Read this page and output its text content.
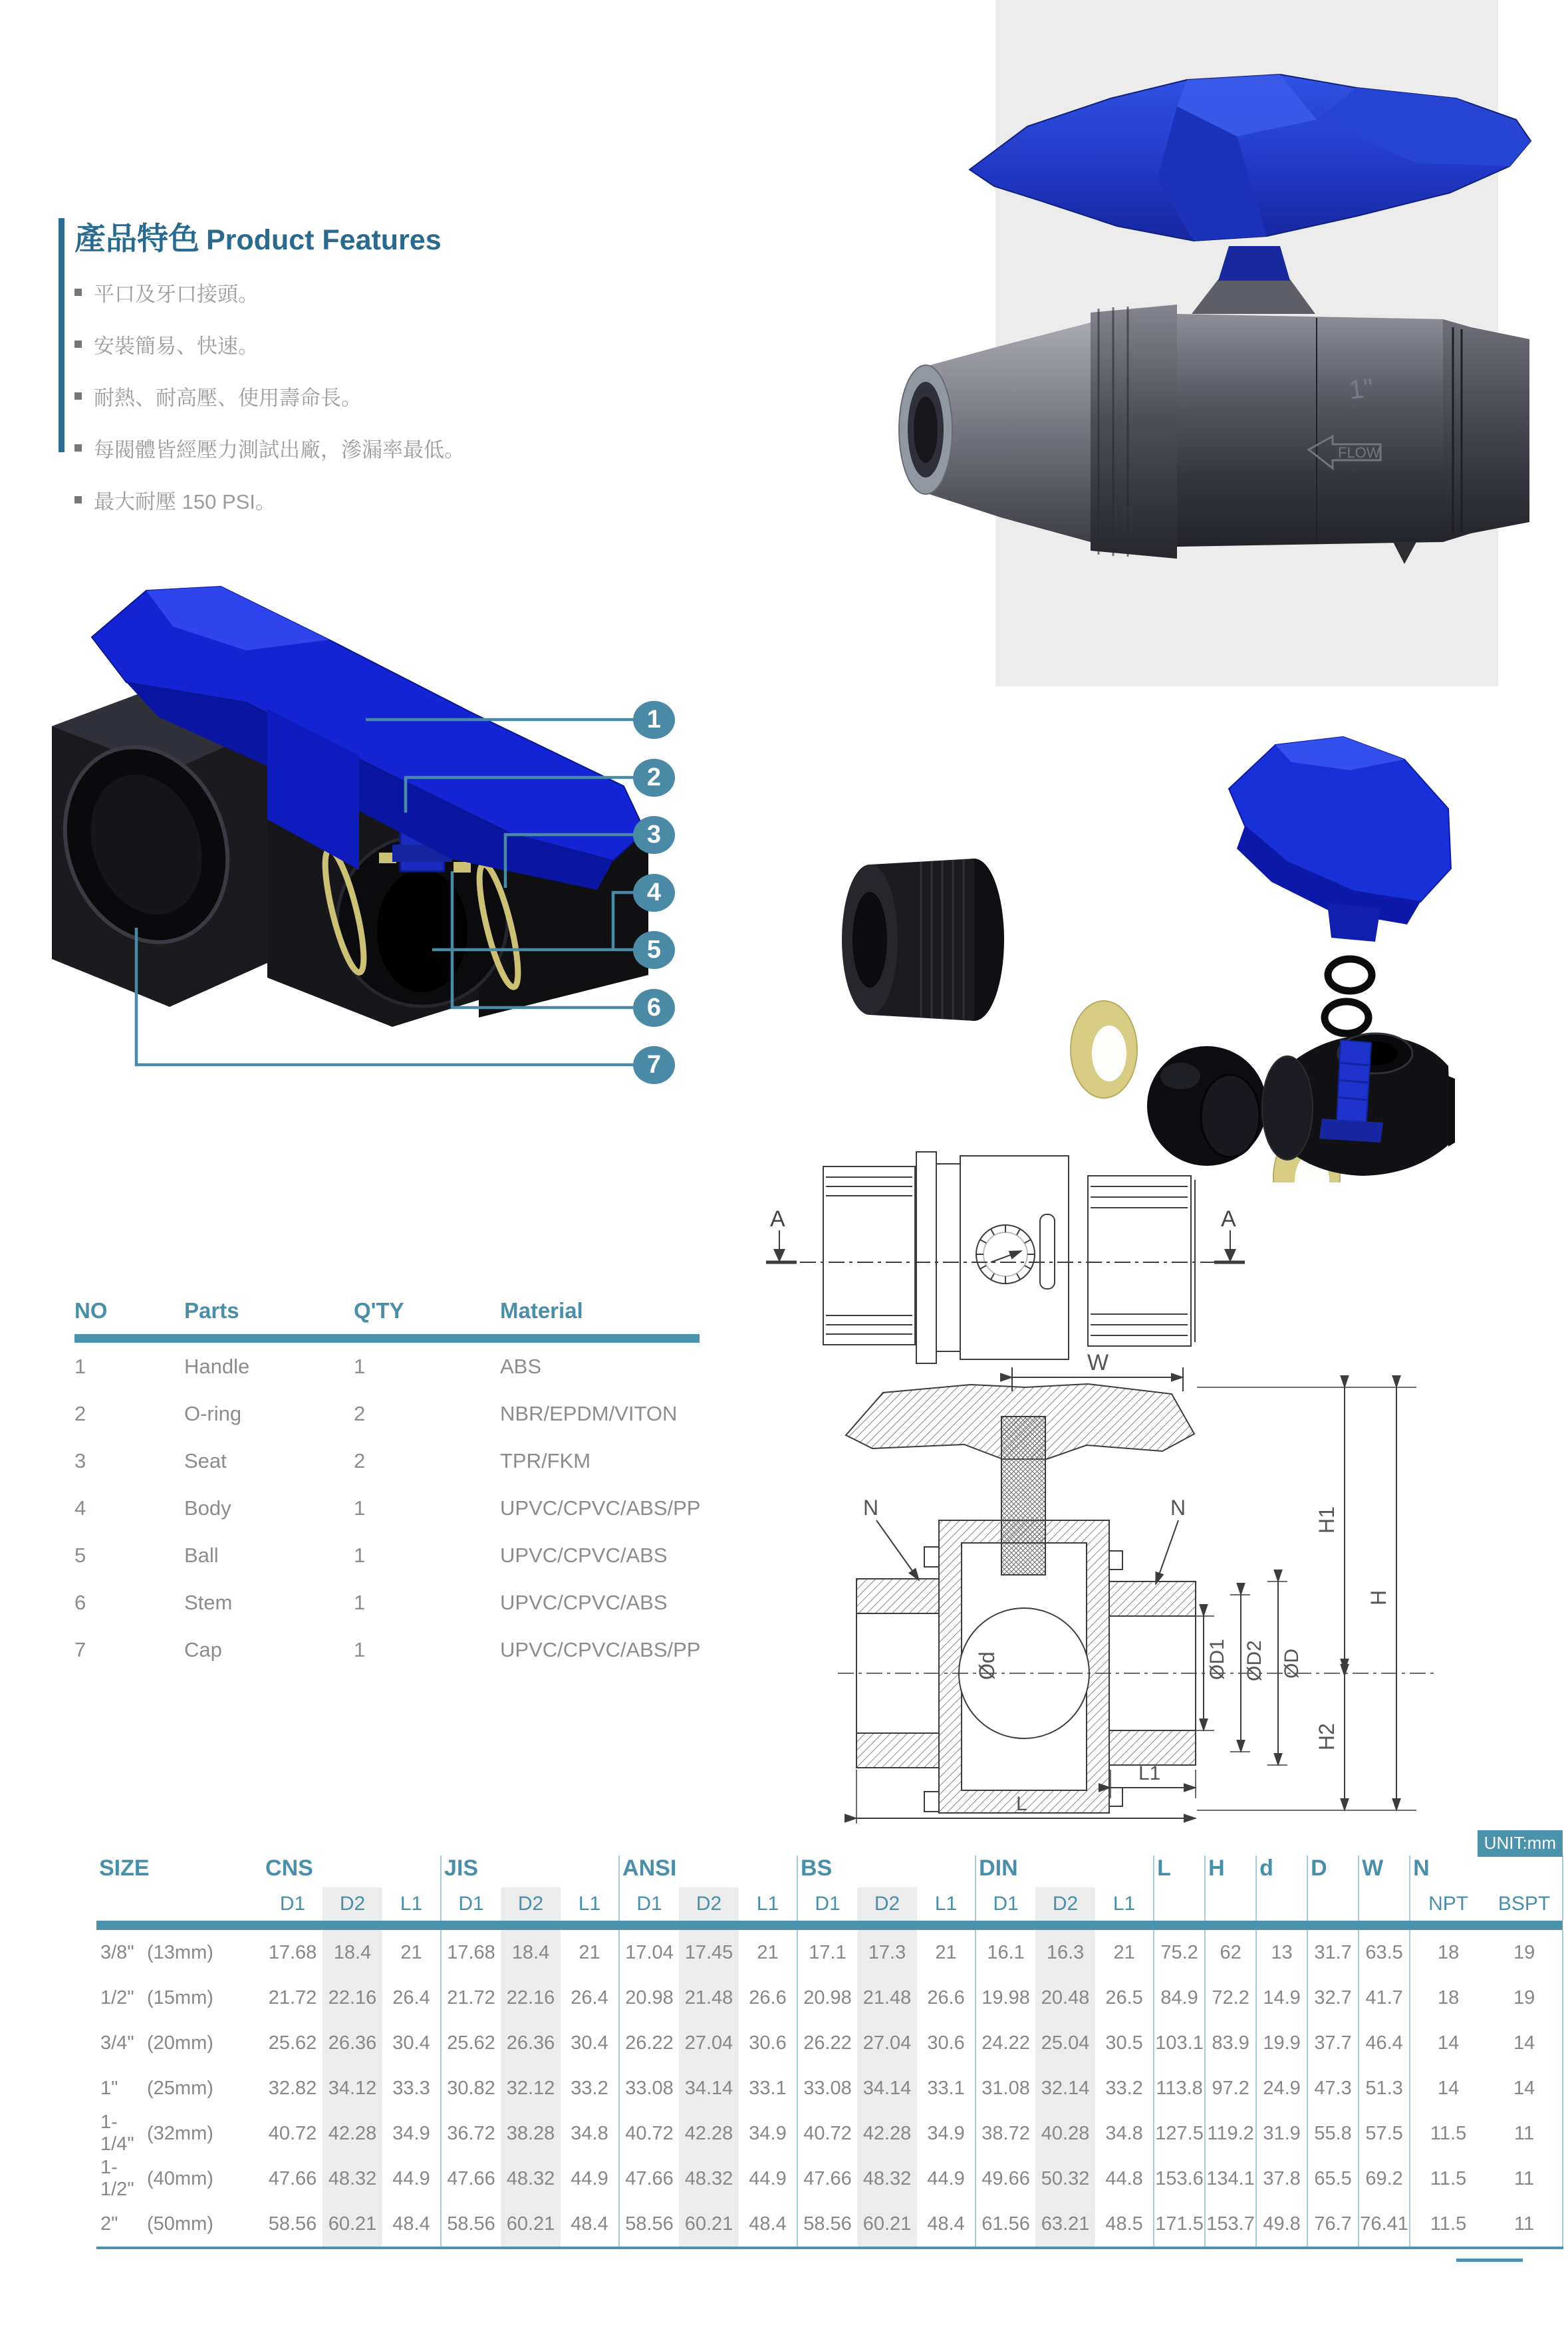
1"
FLOW
產品特色 Product Features
平口及牙口接頭。
安裝簡易、快速。
耐熱、耐高壓、使用壽命長。
每閥體皆經壓力測試出廠，滲漏率最低。
最大耐壓 150 PSI。
1
2
3
4
5
6
7
A	A
W
N	N
Ød	ØD1 ØD2 ØD
H1
H2
H
L1
L
NO	Parts	Q'TY	Material

1	Handle	1	ABS
2	O-ring	2	NBR/EPDM/VITON
3	Seat	2	TPR/FKM
4	Body	1	UPVC/CPVC/ABS/PP
5	Ball	1	UPVC/CPVC/ABS
6	Stem	1	UPVC/CPVC/ABS
7	Cap	1	UPVC/CPVC/ABS/PP
UNIT:mm
SIZE		CNS			JIS			ANSI			BS			DIN			L	H	d	D	W	N	
		D1	D2	L1	D1	D2	L1	D1	D2	L1	D1	D2	L1	D1	D2	L1						NPT	BSPT

3/8"	(13mm)	17.68	18.4	21	17.68	18.4	21	17.04	17.45	21	17.1	17.3	21	16.1	16.3	21	75.2	62	13	31.7	63.5	18	19
1/2"	(15mm)	21.72	22.16	26.4	21.72	22.16	26.4	20.98	21.48	26.6	20.98	21.48	26.6	19.98	20.48	26.5	84.9	72.2	14.9	32.7	41.7	18	19
3/4"	(20mm)	25.62	26.36	30.4	25.62	26.36	30.4	26.22	27.04	30.6	26.22	27.04	30.6	24.22	25.04	30.5	103.1	83.9	19.9	37.7	46.4	14	14
1"	(25mm)	32.82	34.12	33.3	30.82	32.12	33.2	33.08	34.14	33.1	33.08	34.14	33.1	31.08	32.14	33.2	113.8	97.2	24.9	47.3	51.3	14	14
1-1/4"	(32mm)	40.72	42.28	34.9	36.72	38.28	34.8	40.72	42.28	34.9	40.72	42.28	34.9	38.72	40.28	34.8	127.5	119.2	31.9	55.8	57.5	11.5	11
1-1/2"	(40mm)	47.66	48.32	44.9	47.66	48.32	44.9	47.66	48.32	44.9	47.66	48.32	44.9	49.66	50.32	44.8	153.6	134.1	37.8	65.5	69.2	11.5	11
2"	(50mm)	58.56	60.21	48.4	58.56	60.21	48.4	58.56	60.21	48.4	58.56	60.21	48.4	61.56	63.21	48.5	171.5	153.7	49.8	76.7	76.41	11.5	11
